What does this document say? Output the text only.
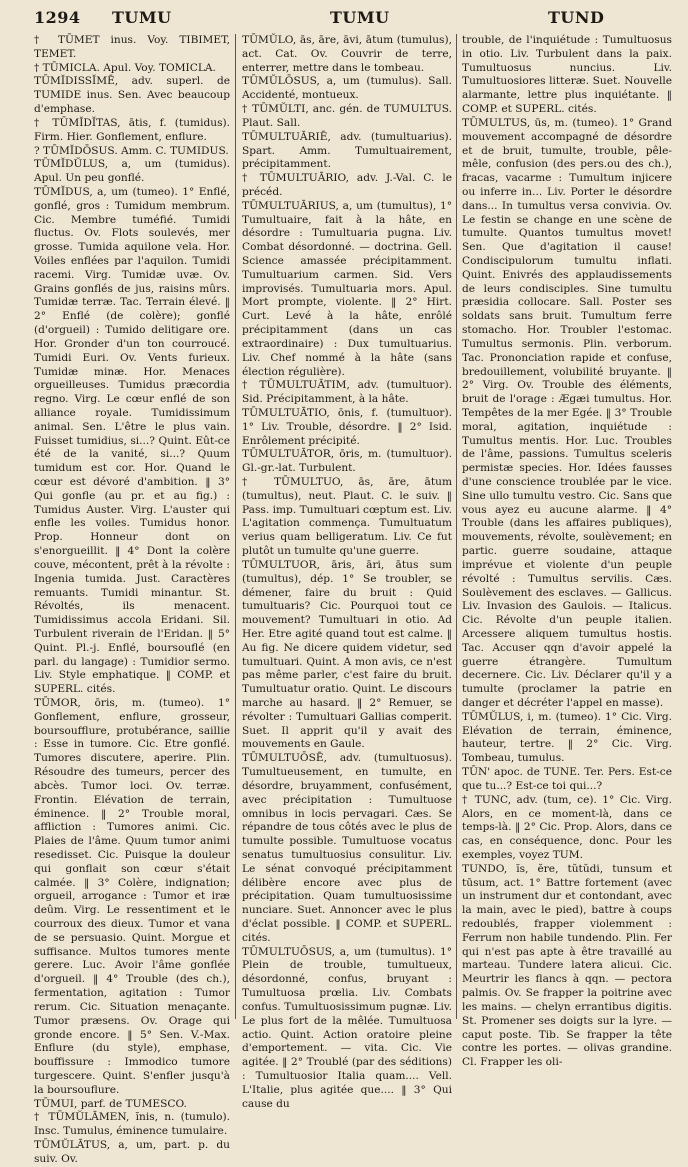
1294 TUMU	TUMU	TUND
† TŪMET inus. Voy. TIBIMET, TEMET.
† TŪMICLA. Apul. Voy. TOMICLA.
TŪMĬDISSĬMĒ, adv. superl. de TUMIDE inus. Sen. Avec beaucoup d'emphase.
† TŪMĬDĬTAS, ātis, f. (tumidus). Firm. Hier. Gonflement, enflure.
? TŪMĬDŌSUS. Amm. C. TUMIDUS.
TŪMĬDŬLUS, a, um (tumidus). Apul. Un peu gonflé.
TŪMĬDUS, a, um (tumeo). 1° Enflé, gonflé, gros : Tumidum membrum. Cic. Membre tuméfié. Tumidi fluctus. Ov. Flots soulevés, mer grosse. Tumida aquilone vela. Hor. Voiles enflées par l'aquilon. Tumidi racemi. Virg. Tumidæ uvæ. Ov. Grains gonflés de jus, raisins mûrs. Tumidæ terræ. Tac. Terrain élevé. ‖ 2° Enflé (de colère); gonflé (d'orgueil) : Tumido delitigare ore. Hor. Gronder d'un ton courroucé. Tumidi Euri. Ov. Vents furieux. Tumidæ minæ. Hor. Menaces orgueilleuses. Tumidus præcordia regno. Virg. Le cœur enflé de son alliance royale. Tumidissimum animal. Sen. L'être le plus vain. Fuisset tumidius, si...? Quint. Eût-ce été de la vanité, si...? Quum tumidum est cor. Hor. Quand le cœur est dévoré d'ambition. ‖ 3° Qui gonfle (au pr. et au fig.) : Tumidus Auster. Virg. L'auster qui enfle les voiles. Tumidus honor. Prop. Honneur dont on s'enorgueillit. ‖ 4° Dont la colère couve, mécontent, prêt à la révolte : Ingenia tumida. Just. Caractères remuants. Tumidi minantur. St. Révoltés, ils menacent. Tumidissimus accola Eridani. Sil. Turbulent riverain de l'Eridan. ‖ 5° Quint. Pl.-j. Enflé, boursouflé (en parl. du langage) : Tumidior sermo. Liv. Style emphatique. ‖ COMP. et SUPERL. cités.
TŪMOR, ōris, m. (tumeo). 1° Gonflement, enflure, grosseur, boursoufflure, protubérance, saillie : Esse in tumore. Cic. Etre gonflé. Tumores discutere, aperire. Plin. Résoudre des tumeurs, percer des abcès. Tumor loci. Ov. terræ. Frontin. Elévation de terrain, éminence. ‖ 2° Trouble moral, affliction : Tumores animi. Cic. Plaies de l'âme. Quum tumor animi resedisset. Cic. Puisque la douleur qui gonflait son cœur s'était calmée. ‖ 3° Colère, indignation; orgueil, arrogance : Tumor et iræ deûm. Virg. Le ressentiment et le courroux des dieux. Tumor et vana de se persuasio. Quint. Morgue et suffisance. Multos tumores mente gerere. Luc. Avoir l'âme gonflée d'orgueil. ‖ 4° Trouble (des ch.), fermentation, agitation : Tumor rerum. Cic. Situation menaçante. Tumor præsens. Ov. Orage qui gronde encore. ‖ 5° Sen. V.-Max. Enflure (du style), emphase, bouffissure : Immodico tumore turgescere. Quint. S'enfler jusqu'à la boursouflure.
TŪMUI, parf. de TUMESCO.
† TŪMŬLĀMEN, ĭnis, n. (tumulo). Insc. Tumulus, éminence tumulaire.
TŪMŬLĀTUS, a, um, part. p. du suiv. Ov.
TŪMŬLO, ās, āre, āvi, ātum (tumulus), act. Cat. Ov. Couvrir de terre, enterrer, mettre dans le tombeau.
TŪMŬLŌSUS, a, um (tumulus). Sall. Accidenté, montueux.
† TŪMŬLTI, anc. gén. de TUMULTUS. Plaut. Sall.
TŪMULTUĀRIĒ, adv. (tumultuarius). Spart. Amm. Tumultuairement, précipitamment.
† TŪMULTUĀRIO, adv. J.-Val. C. le précéd.
TŪMULTUĀRIUS, a, um (tumultus), 1° Tumultuaire, fait à la hâte, en désordre : Tumultuaria pugna. Liv. Combat désordonné. — doctrina. Gell. Science amassée précipitamment. Tumultuarium carmen. Sid. Vers improvisés. Tumultuaria mors. Apul. Mort prompte, violente. ‖ 2° Hirt. Curt. Levé à la hâte, enrôlé précipitamment (dans un cas extraordinaire) : Dux tumultuarius. Liv. Chef nommé à la hâte (sans élection régulière).
† TŪMULTUĀTIM, adv. (tumultuor). Sid. Précipitamment, à la hâte.
TŪMULTUĀTIO, ōnis, f. (tumultuor). 1° Liv. Trouble, désordre. ‖ 2° Isid. Enrôlement précipité.
TŪMULTUĀTOR, ōris, m. (tumultuor). Gl.-gr.-lat. Turbulent.
† TŪMULTUO, ās, āre, ātum (tumultus), neut. Plaut. C. le suiv. ‖ Pass. imp. Tumultuari cœptum est. Liv. L'agitation commença. Tumultuatum verius quam belligeratum. Liv. Ce fut plutôt un tumulte qu'une guerre.
TŪMULTUOR, āris, āri, ātus sum (tumultus), dép. 1° Se troubler, se démener, faire du bruit : Quid tumultuaris? Cic. Pourquoi tout ce mouvement? Tumultuari in otio. Ad Her. Etre agité quand tout est calme. ‖ Au fig. Ne dicere quidem videtur, sed tumultuari. Quint. A mon avis, ce n'est pas même parler, c'est faire du bruit. Tumultuatur oratio. Quint. Le discours marche au hasard. ‖ 2° Remuer, se révolter : Tumultuari Gallias comperit. Suet. Il apprit qu'il y avait des mouvements en Gaule.
TŪMULTUŌSĒ, adv. (tumultuosus). Tumultueusement, en tumulte, en désordre, bruyamment, confusément, avec précipitation : Tumultuose omnibus in locis pervagari. Cæs. Se répandre de tous côtés avec le plus de tumulte possible. Tumultuose vocatus senatus tumultuosius consulitur. Liv. Le sénat convoqué précipitamment délibère encore avec plus de précipitation. Quam tumultuosissime nunciare. Suet. Annoncer avec le plus d'éclat possible. ‖ COMP. et SUPERL. cités.
TŪMULTUŌSUS, a, um (tumultus). 1° Plein de trouble, tumultueux, désordonné, confus, bruyant : Tumultuosa prœlia. Liv. Combats confus. Tumultuosissimum pugnæ. Liv. Le plus fort de la mêlée. Tumultuosa actio. Quint. Action oratoire pleine d'emportement. — vita. Cic. Vie agitée. ‖ 2° Troublé (par des séditions) : Tumultuosior Italia quam.... Vell. L'Italie, plus agitée que.... ‖ 3° Qui cause du
trouble, de l'inquiétude : Tumultuosus in otio. Liv. Turbulent dans la paix. Tumultuosus nuncius. Liv. Tumultuosiores litteræ. Suet. Nouvelle alarmante, lettre plus inquiétante. ‖ COMP. et SUPERL. cités.
TŪMULTUS, ūs, m. (tumeo). 1° Grand mouvement accompagné de désordre et de bruit, tumulte, trouble, pêle-mêle, confusion (des pers.ou des ch.), fracas, vacarme : Tumultum injicere ou inferre in... Liv. Porter le désordre dans... In tumultus versa convivia. Ov. Le festin se change en une scène de tumulte. Quantos tumultus movet! Sen. Que d'agitation il cause! Condiscipulorum tumultu inflati. Quint. Enivrés des applaudissements de leurs condisciples. Sine tumultu præsidia collocare. Sall. Poster ses soldats sans bruit. Tumultum ferre stomacho. Hor. Troubler l'estomac. Tumultus sermonis. Plin. verborum. Tac. Prononciation rapide et confuse, bredouillement, volubilité bruyante. ‖ 2° Virg. Ov. Trouble des éléments, bruit de l'orage : Ægæi tumultus. Hor. Tempêtes de la mer Egée. ‖ 3° Trouble moral, agitation, inquiétude : Tumultus mentis. Hor. Luc. Troubles de l'âme, passions. Tumultus sceleris permistæ species. Hor. Idées fausses d'une conscience troublée par le vice. Sine ullo tumultu vestro. Cic. Sans que vous ayez eu aucune alarme. ‖ 4° Trouble (dans les affaires publiques), mouvements, révolte, soulèvement; en partic. guerre soudaine, attaque imprévue et violente d'un peuple révolté : Tumultus servilis. Cæs. Soulèvement des esclaves. — Gallicus. Liv. Invasion des Gaulois. — Italicus. Cic. Révolte d'un peuple italien. Arcessere aliquem tumultus hostis. Tac. Accuser qqn d'avoir appelé la guerre étrangère. Tumultum decernere. Cic. Liv. Déclarer qu'il y a tumulte (proclamer la patrie en danger et décréter l'appel en masse).
TŪMŬLUS, i, m. (tumeo). 1° Cic. Virg. Elévation de terrain, éminence, hauteur, tertre. ‖ 2° Cic. Virg. Tombeau, tumulus.
TŪN' apoc. de TUNE. Ter. Pers. Est-ce que tu...? Est-ce toi qui...?
† TUNC, adv. (tum, ce). 1° Cic. Virg. Alors, en ce moment-là, dans ce temps-là. ‖ 2° Cic. Prop. Alors, dans ce cas, en conséquence, donc. Pour les exemples, voyez TUM.
TUNDO, ĭs, ĕre, tŭtŭdi, tunsum et tūsum, act. 1° Battre fortement (avec un instrument dur et contondant, avec la main, avec le pied), battre à coups redoublés, frapper violemment : Ferrum non habile tundendo. Plin. Fer qui n'est pas apte à être travaillé au marteau. Tundere latera alicui. Cic. Meurtrir les flancs à qqn. — pectora palmis. Ov. Se frapper la poitrine avec les mains. — chelyn errantibus digitis. St. Promener ses doigts sur la lyre. — caput poste. Tib. Se frapper la tête contre les portes. — olivas grandine. Cl. Frapper les oli-
